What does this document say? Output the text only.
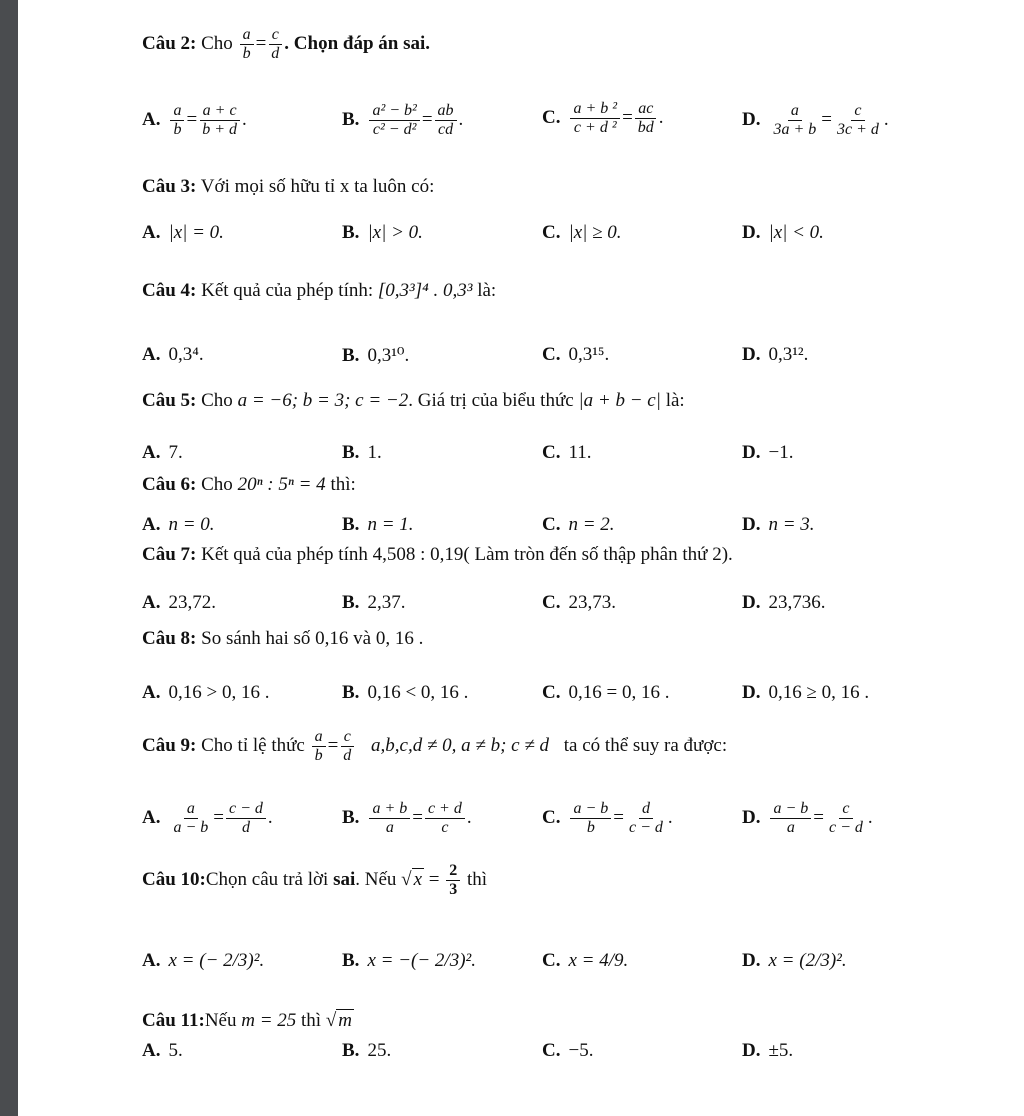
Câu 2: Cho $\frac{a}{b} = \frac{c}{d}$ . Chọn đáp án sai.
A. $\frac{a}{b} = \frac{a + c}{b + d}$ .	B. $\frac{\text{a² − b²}}{\text{c² − d²}} = \frac{ab}{cd}$ .	C. $\frac{\text{a + b ²}}{\text{c + d ²}} = \frac{ac}{bd}$ .	D. $\frac{a}{3a + b} = \frac{c}{3c + d}$ .
Câu 3: Với mọi số hữu tỉ x ta luôn có:
A. |x| = 0.	B. |x| > 0.	C. |x| ≥ 0.	D. |x| < 0.
Câu 4: Kết quả của phép tính: [0,3³]⁴ . 0,3³ là:
A. 0,3⁴.	B. 0,3¹⁰.	C. 0,3¹⁵.	D. 0,3¹².
Câu 5: Cho a = −6; b = 3; c = −2. Giá trị của biểu thức |a + b − c| là:
A. 7.	B. 1.	C. 11.	D. −1.
Câu 6: Cho 20ⁿ : 5ⁿ = 4 thì:
A. n = 0.	B. n = 1.	C. n = 2.	D. n = 3.
Câu 7: Kết quả của phép tính 4,508 : 0,19( Làm tròn đến số thập phân thứ 2).
A. 23,72.	B. 2,37.	C. 23,73.	D. 23,736.
Câu 8: So sánh hai số 0,16 và 0, 16 .
A. 0,16 > 0, 16 .	B. 0,16 < 0, 16 .	C. 0,16 = 0, 16 .	D. 0,16 ≥ 0, 16 .
Câu 9: Cho tỉ lệ thức $\frac{a}{b} = \frac{c}{d} a,b,c,d \ne 0$, a ≠ b; c ≠ d ta có thể suy ra được:
A. $\frac{a}{a - b} = \frac{c - d}{d}$ .	B. $\frac{a + b}{a} = \frac{c + d}{c}$ .	C. $\frac{a - b}{b} = \frac{d}{c - d}$ .	D. $\frac{a - b}{a} = \frac{c}{c - d}$ .
Câu 10:Chọn câu trả lời sai. Nếu √ $x = \frac{2}{3}$ thì
A. x = (− 2/3)².	B. x = −(− 2/3)².	C. x = 4/9.	D. x = (2/3)².
Câu 11:Nếu m = 25 thì √ m
A. 5.	B. 25.	C. −5.	D. ±5.
